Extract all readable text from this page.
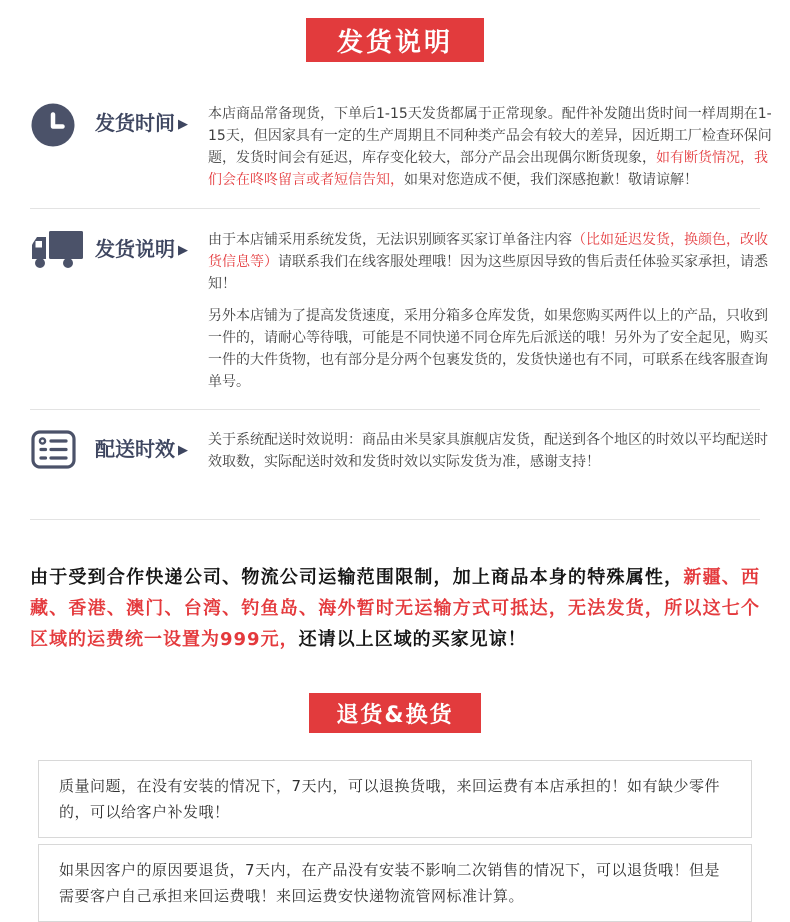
发货说明
发货时间 ▶

本店商品常备现货，下单后1-15天发货都属于正常现象。配件补发随出货时间一样周期在1-15天，但因家具有一定的生产周期且不同种类产品会有较大的差异，因近期工厂检查环保问题，发货时间会有延迟，库存变化较大，部分产品会出现偶尔断货现象，如有断货情况，我们会在咚咚留言或者短信告知，如果对您造成不便，我们深感抱歉！敬请谅解！

发货说明 ▶

由于本店铺采用系统发货，无法识别顾客买家订单备注内容（比如延迟发货，换颜色，改收货信息等）请联系我们在线客服处理哦！因为这些原因导致的售后责任体验买家承担，请悉知！

另外本店铺为了提高发货速度，采用分箱多仓库发货，如果您购买两件以上的产品，只收到一件的，请耐心等待哦，可能是不同快递不同仓库先后派送的哦！另外为了安全起见，购买一件的大件货物，也有部分是分两个包裹发货的，发货快递也有不同，可联系在线客服查询单号。

配送时效 ▶

关于系统配送时效说明：商品由米昊家具旗舰店发货，配送到各个地区的时效以平均配送时效取数，实际配送时效和发货时效以实际发货为准，感谢支持！

由于受到合作快递公司、物流公司运输范围限制，加上商品本身的特殊属性，新疆、西藏、香港、澳门、台湾、钓鱼岛、海外暂时无运输方式可抵达，无法发货，所以这七个区域的运费统一设置为999元，还请以上区域的买家见谅！

退货&换货
质量问题，在没有安装的情况下，7天内，可以退换货哦，来回运费有本店承担的！如有缺少零件的，可以给客户补发哦！
如果因客户的原因要退货，7天内，在产品没有安装不影响二次销售的情况下，可以退货哦！但是需要客户自己承担来回运费哦！来回运费安快递物流管网标准计算。
